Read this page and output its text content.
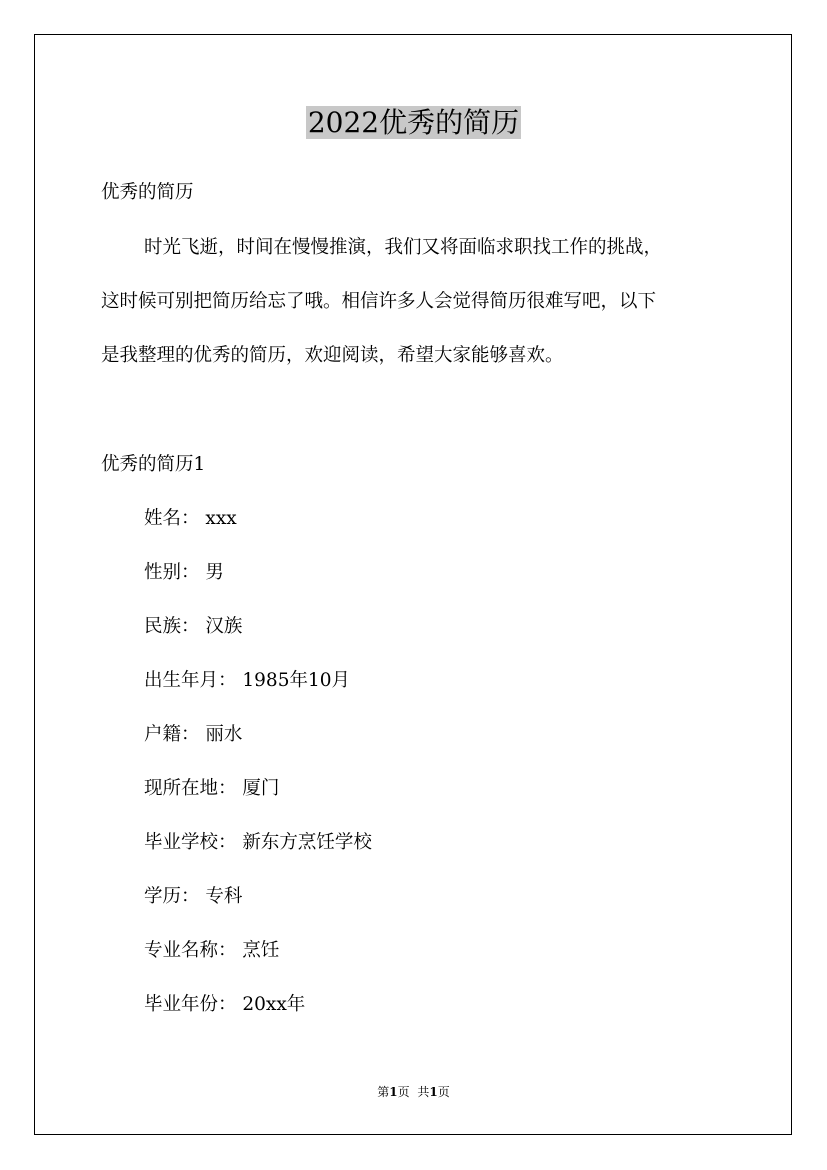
2022优秀的简历

优秀的简历

时光飞逝，时间在慢慢推演，我们又将面临求职找工作的挑战，

这时候可别把简历给忘了哦。相信许多人会觉得简历很难写吧，以下

是我整理的优秀的简历，欢迎阅读，希望大家能够喜欢。

优秀的简历1

姓名： xxx

性别： 男

民族： 汉族

出生年月： 1985年10月

户籍： 丽水

现所在地： 厦门

毕业学校： 新东方烹饪学校

学历： 专科

专业名称： 烹饪

毕业年份： 20xx年

第1页 共1页
